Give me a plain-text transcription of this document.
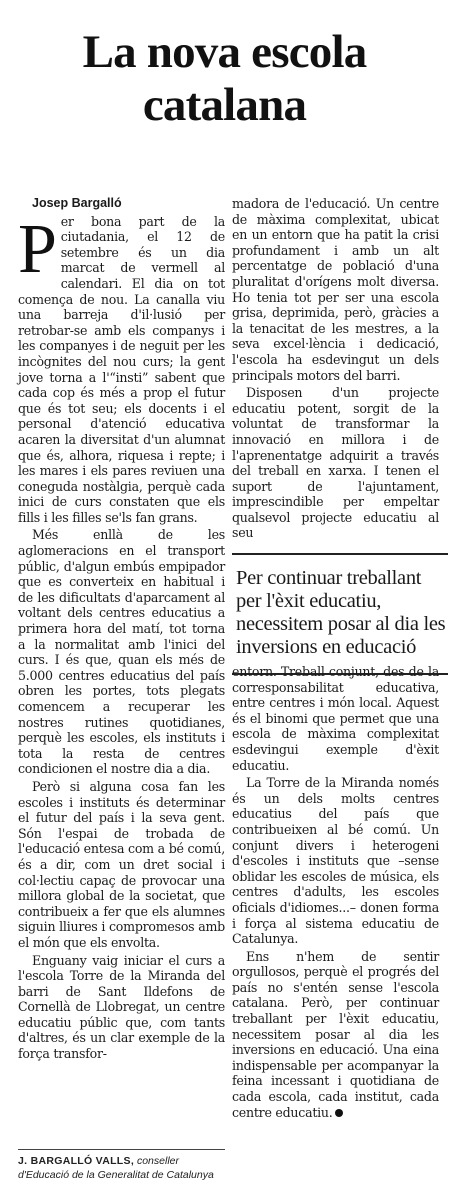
La nova escola catalana

Josep Bargalló

Per bona part de la ciutadania, el 12 de setembre és un dia marcat de vermell al calendari. El dia on tot comença de nou. La canalla viu una barreja d'il·lusió per retrobar-se amb els companys i les companyes i de neguit per les incògnites del nou curs; la gent jove torna a l'“insti” sabent que cada cop és més a prop el futur que és tot seu; els docents i el personal d'atenció educativa acaren la diversitat d'un alumnat que és, alhora, riquesa i repte; i les mares i els pares reviuen una coneguda nostàlgia, perquè cada inici de curs constaten que els fills i les filles se'ls fan grans.

Més enllà de les aglomeracions en el transport públic, d'algun embús empipador que es converteix en habitual i de les dificultats d'aparcament al voltant dels centres educatius a primera hora del matí, tot torna a la normalitat amb l'inici del curs. I és que, quan els més de 5.000 centres educatius del país obren les portes, tots plegats comencem a recuperar les nostres rutines quotidianes, perquè les escoles, els instituts i tota la resta de centres condicionen el nostre dia a dia.

Però si alguna cosa fan les escoles i instituts és determinar el futur del país i la seva gent. Són l'espai de trobada de l'educació entesa com a bé comú, és a dir, com un dret social i col·lectiu capaç de provocar una millora global de la societat, que contribueix a fer que els alumnes siguin lliures i compromesos amb el món que els envolta.

Enguany vaig iniciar el curs a l'escola Torre de la Miranda del barri de Sant Ildefons de Cornellà de Llobregat, un centre educatiu públic que, com tants d'altres, és un clar exemple de la força transfor-

madora de l'educació. Un centre de màxima complexitat, ubicat en un entorn que ha patit la crisi profundament i amb un alt percentatge de població d'una pluralitat d'orígens molt diversa. Ho tenia tot per ser una escola grisa, deprimida, però, gràcies a la tenacitat de les mestres, a la seva excel·lència i dedicació, l'escola ha esdevingut un dels principals motors del barri.

Disposen d'un projecte educatiu potent, sorgit de la voluntat de transformar la innovació en millora i de l'aprenentatge adquirit a través del treball en xarxa. I tenen el suport de l'ajuntament, imprescindible per empeltar qualsevol projecte educatiu al seu

Per continuar treballant per l'èxit educatiu, necessitem posar al dia les inversions en educació

entorn. Treball conjunt, des de la corresponsabilitat educativa, entre centres i món local. Aquest és el binomi que permet que una escola de màxima complexitat esdevingui exemple d'èxit educatiu.

La Torre de la Miranda només és un dels molts centres educatius del país que contribueixen al bé comú. Un conjunt divers i heterogeni d'escoles i instituts que –sense oblidar les escoles de música, els centres d'adults, les escoles oficials d'idiomes...– donen forma i força al sistema educatiu de Catalunya.

Ens n'hem de sentir orgullosos, perquè el progrés del país no s'entén sense l'escola catalana. Però, per continuar treballant per l'èxit educatiu, necessitem posar al dia les inversions en educació. Una eina indispensable per acompanyar la feina incessant i quotidiana de cada escola, cada institut, cada centre educatiu.

J. BARGALLÓ VALLS, conseller d'Educació de la Generalitat de Catalunya
